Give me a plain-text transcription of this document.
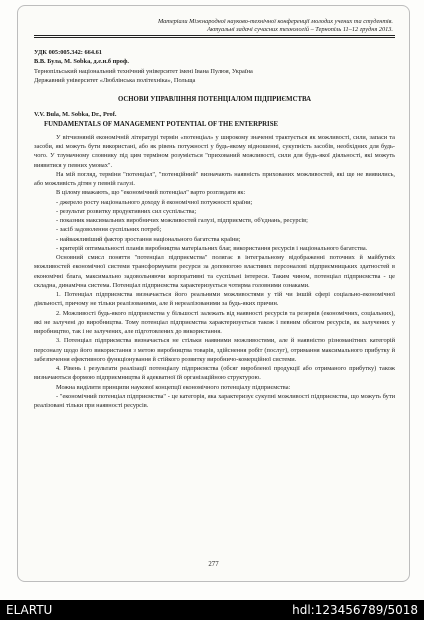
Матеріали Міжнародної науково-технічної конференції молодих учених та студентів.
Актуальні задачі сучасних технологій – Тернопіль 11–12 грудня 2013.

УДК 005:005.342: 664.61

В.В. Була, M. Sobka, д.е.н.б проф.

Тернопільський національний технічний університет імені Івана Пулюя, Україна

Державний університет «Люблінська політехніка», Польща

ОСНОВИ УПРАВЛІННЯ ПОТЕНЦІАЛОМ ПІДПРИЄМСТВА

V.V. Bula, M. Sobka, Dr., Prof.

FUNDAMENTALS OF MANAGEMENT POTENTIAL OF THE ENTERPRISE

У вітчизняній економічній літературі термін «потенціал» у широкому значенні трактується як можливості, сили, запаси та засоби, які можуть бути використані, або як рівень потужності у будь-якому відношенні, сукупність засобів, необхідних для будь-чого. У тлумачному словнику під цим терміном розуміється "прихований можливості, сили для будь-якої діяльності, які можуть виявитися у певних умовах".

На мій погляд, терміни "потенціал", "потенційний" визначають наявність прихованих можливостей, які ще не виявились, або можливість дітян у певній галузі.

В цілому вважають, що "економічний потенціал" варто розглядати як:

- джерело росту національного доходу й економічної потужності країни;

- результат розвитку продуктивних сил суспільства;

- показник максимальних виробничих можливостей галузі, підприємств, об'єднань, ресурсів;

- засіб задоволення суспільних потреб;

- найважливіший фактор зростання національного багатства країни;

- критерій оптимальності планів виробництва матеріальних благ, використання ресурсів і національного багатства.

Основний смисл поняття "потенціал підприємства" полягає в інтегральному відображенні поточних й майбутніх можливостей економічної системи трансформувати ресурси за допомогою властивих персоналові підприємницьких здатностей в економічні блага, максимально задовольняючи корпоративні та суспільні інтереси. Таким чином, потенціал підприємства - це складна, динамічна система. Потенціал підприємства характеризується чотирма головними ознаками.

1. Потенціал підприємства визначається його реальними можливостями у тій чи іншій сфері соціально-економічної діяльності, причому не тільки реалізованими, але й нереалізованими за будь-яких причин.

2. Можливості будь-якого підприємства у більшості залежать від наявності ресурсів та резервів (економічних, соціальних), які не залучені до виробництва. Тому потенціал підприємства характеризується також і певним обсягом ресурсів, як залучених у виробництво, так і не залучених, але підготовлених до використання.

3. Потенціал підприємства визначається не стільки наявними можливостями, але й наявністю різноманітних категорій персоналу щодо його використання з метою виробництва товарів, здійснення робіт (послуг), отримання максимального прибутку й забезпечення ефективного функціонування й стійкого розвитку виробничо-комерційної системи.

4. Рівень і результати реалізації потенціалу підприємства (обсяг виробленої продукції або отриманого прибутку) також визначаються формою підприємництва й адекватної їй організаційною структурою.

Можна виділити принципи наукової концепції економічного потенціалу підприємства:

- "економічний потенціал підприємства" - це категорія, яка характеризує сукупні можливості підприємства, що можуть бути реалізовані тільки при наявності ресурсів.

277
ELARTU	hdl:123456789/5018
